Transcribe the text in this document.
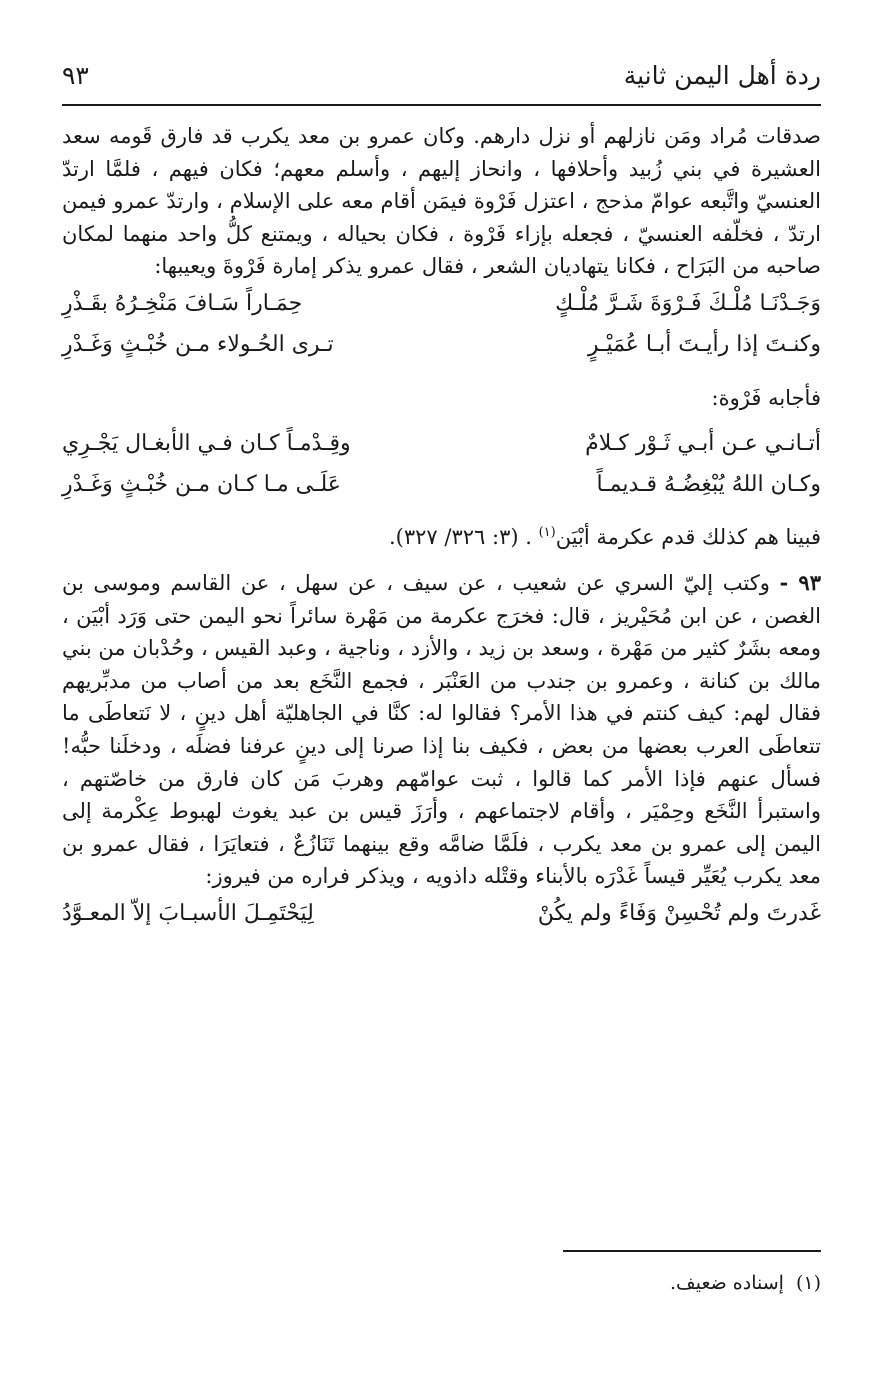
ردة أهل اليمن ثانية
٩٣

صدقات مُراد ومَن نازلهم أو نزل دارهم. وكان عمرو بن معد يكرب قد فارق قَومه سعد العشيرة في بني زُبيد وأحلافها ، وانحاز إليهم ، وأسلم معهم؛ فكان فيهم ، فلمَّا ارتدّ العنسيّ واتَّبعه عوامّ مذحج ، اعتزل فَرْوة فيمَن أقام معه على الإسلام ، وارتدّ عمرو فيمن ارتدّ ، فخلّفه العنسيّ ، فجعله بإزاء فَرْوة ، فكان بحياله ، ويمتنع كلُّ واحد منهما لمكان صاحبه من البَرَاح ، فكانا يتهاديان الشعر ، فقال عمرو يذكر إمارة فَرْوةَ ويعيبها:

وَجَـدْنَـا مُلْـكَ فَـرْوَةَ شَـرَّ مُلْـكٍ
حِمَـاراً سَـافَ مَنْخِـرُهُ بقَـذْرِ
وكنـتَ إذا رأيـتَ أبـا عُمَيْـرٍ
تـرى الحُـولاء مـن خُبْـثٍ وَغَـدْرِ
فأجابه فَرْوة:
أتـانـي عـن أبـي ثَـوْر كـلامٌ
وقِـدْمـاً كـان فـي الأبغـال يَجْـرِي
وكـان اللهُ يُبْغِضُـهُ قـديمـاً
عَلَـى مـا كـان مـن خُبْـثٍ وَغَـدْرِ
فبينا هم كذلك قدم عكرمة أبْيَن$^{(١)}$ . (٣: ٣٢٦/ ٣٢٧).

٩٣ - وكتب إليّ السري عن شعيب ، عن سيف ، عن سهل ، عن القاسم وموسى بن الغصن ، عن ابن مُحَيْريز ، قال: فخرَج عكرمة من مَهْرة سائراً نحو اليمن حتى وَرَد أبْيَن ، ومعه بشَرٌ كثير من مَهْرة ، وسعد بن زيد ، والأزد ، وناجية ، وعبد القيس ، وحُدْبان من بني مالك بن كنانة ، وعمرو بن جندب من العَنْبَر ، فجمع النَّخَع بعد من أصاب من مدبِّريهم فقال لهم: كيف كنتم في هذا الأمر؟ فقالوا له: كنَّا في الجاهليّة أهل دينٍ ، لا نَتعاطَى ما تتعاطَى العرب بعضها من بعض ، فكيف بنا إذا صرنا إلى دينٍ عرفنا فضلَه ، ودخلَنا حبُّه! فسأل عنهم فإذا الأمر كما قالوا ، ثبت عوامّهم وهربَ مَن كان فارق من خاصّتهم ، واستبرأ النَّخَع وحِمْيَر ، وأقام لاجتماعهم ، وأرَزَ قيس بن عبد يغوث لهبوط عِكْرمة إلى اليمن إلى عمرو بن معد يكرب ، فلَمَّا ضامَّه وقع بينهما تَنَازُعٌ ، فتعايَرَا ، فقال عمرو بن معد يكرب يُعَيِّر قيساً غَدْرَه بالأبناء وقتْله داذويه ، ويذكر فراره من فيروز:

غَدرتَ ولم تُحْسِنْ وَفَاءً ولم يكُنْ
لِيَحْتَمِـلَ الأسبـابَ إلاّ المعـوَّدُ
(١)
إسناده ضعيف.
